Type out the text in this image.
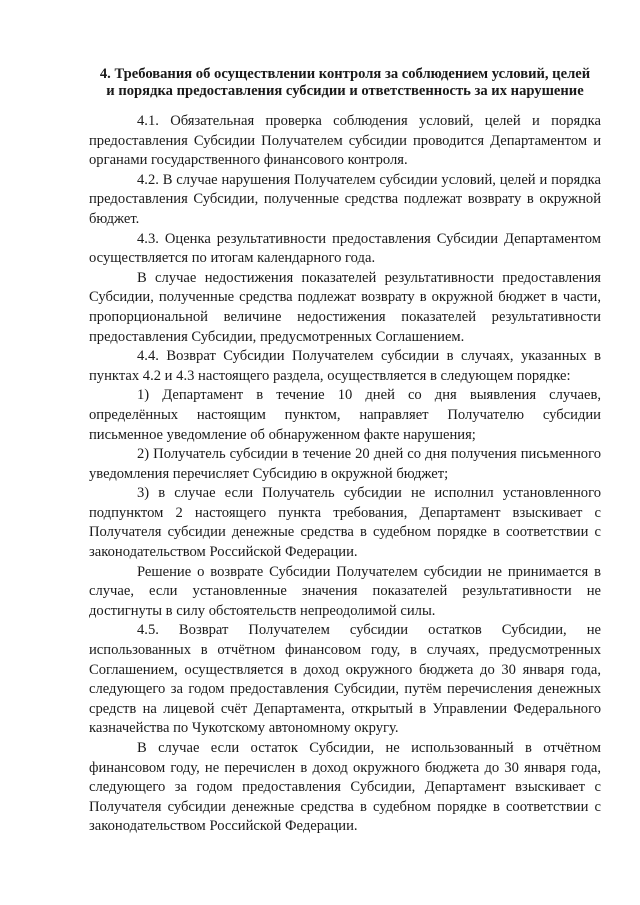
4. Требования об осуществлении контроля за соблюдением условий, целей
и порядка предоставления субсидии и ответственность за их нарушение

4.1. Обязательная проверка соблюдения условий, целей и порядка предоставления Субсидии Получателем субсидии проводится Департаментом и органами государственного финансового контроля.

4.2. В случае нарушения Получателем субсидии условий, целей и порядка предоставления Субсидии, полученные средства подлежат возврату в окружной бюджет.

4.3. Оценка результативности предоставления Субсидии Департаментом осуществляется по итогам календарного года.

В случае недостижения показателей результативности предоставления Субсидии, полученные средства подлежат возврату в окружной бюджет в части, пропорциональной величине недостижения показателей результативности предоставления Субсидии, предусмотренных Соглашением.

4.4. Возврат Субсидии Получателем субсидии в случаях, указанных в пунктах 4.2 и 4.3 настоящего раздела, осуществляется в следующем порядке:

1) Департамент в течение 10 дней со дня выявления случаев, определённых настоящим пунктом, направляет Получателю субсидии письменное уведомление об обнаруженном факте нарушения;

2) Получатель субсидии в течение 20 дней со дня получения письменного уведомления перечисляет Субсидию в окружной бюджет;

3) в случае если Получатель субсидии не исполнил установленного подпунктом 2 настоящего пункта требования, Департамент взыскивает с Получателя субсидии денежные средства в судебном порядке в соответствии с законодательством Российской Федерации.

Решение о возврате Субсидии Получателем субсидии не принимается в случае, если установленные значения показателей результативности не достигнуты в силу обстоятельств непреодолимой силы.

4.5. Возврат Получателем субсидии остатков Субсидии, не использованных в отчётном финансовом году, в случаях, предусмотренных Соглашением, осуществляется в доход окружного бюджета до 30 января года, следующего за годом предоставления Субсидии, путём перечисления денежных средств на лицевой счёт Департамента, открытый в Управлении Федерального казначейства по Чукотскому автономному округу.

В случае если остаток Субсидии, не использованный в отчётном финансовом году, не перечислен в доход окружного бюджета до 30 января года, следующего за годом предоставления Субсидии, Департамент взыскивает с Получателя субсидии денежные средства в судебном порядке в соответствии с законодательством Российской Федерации.
